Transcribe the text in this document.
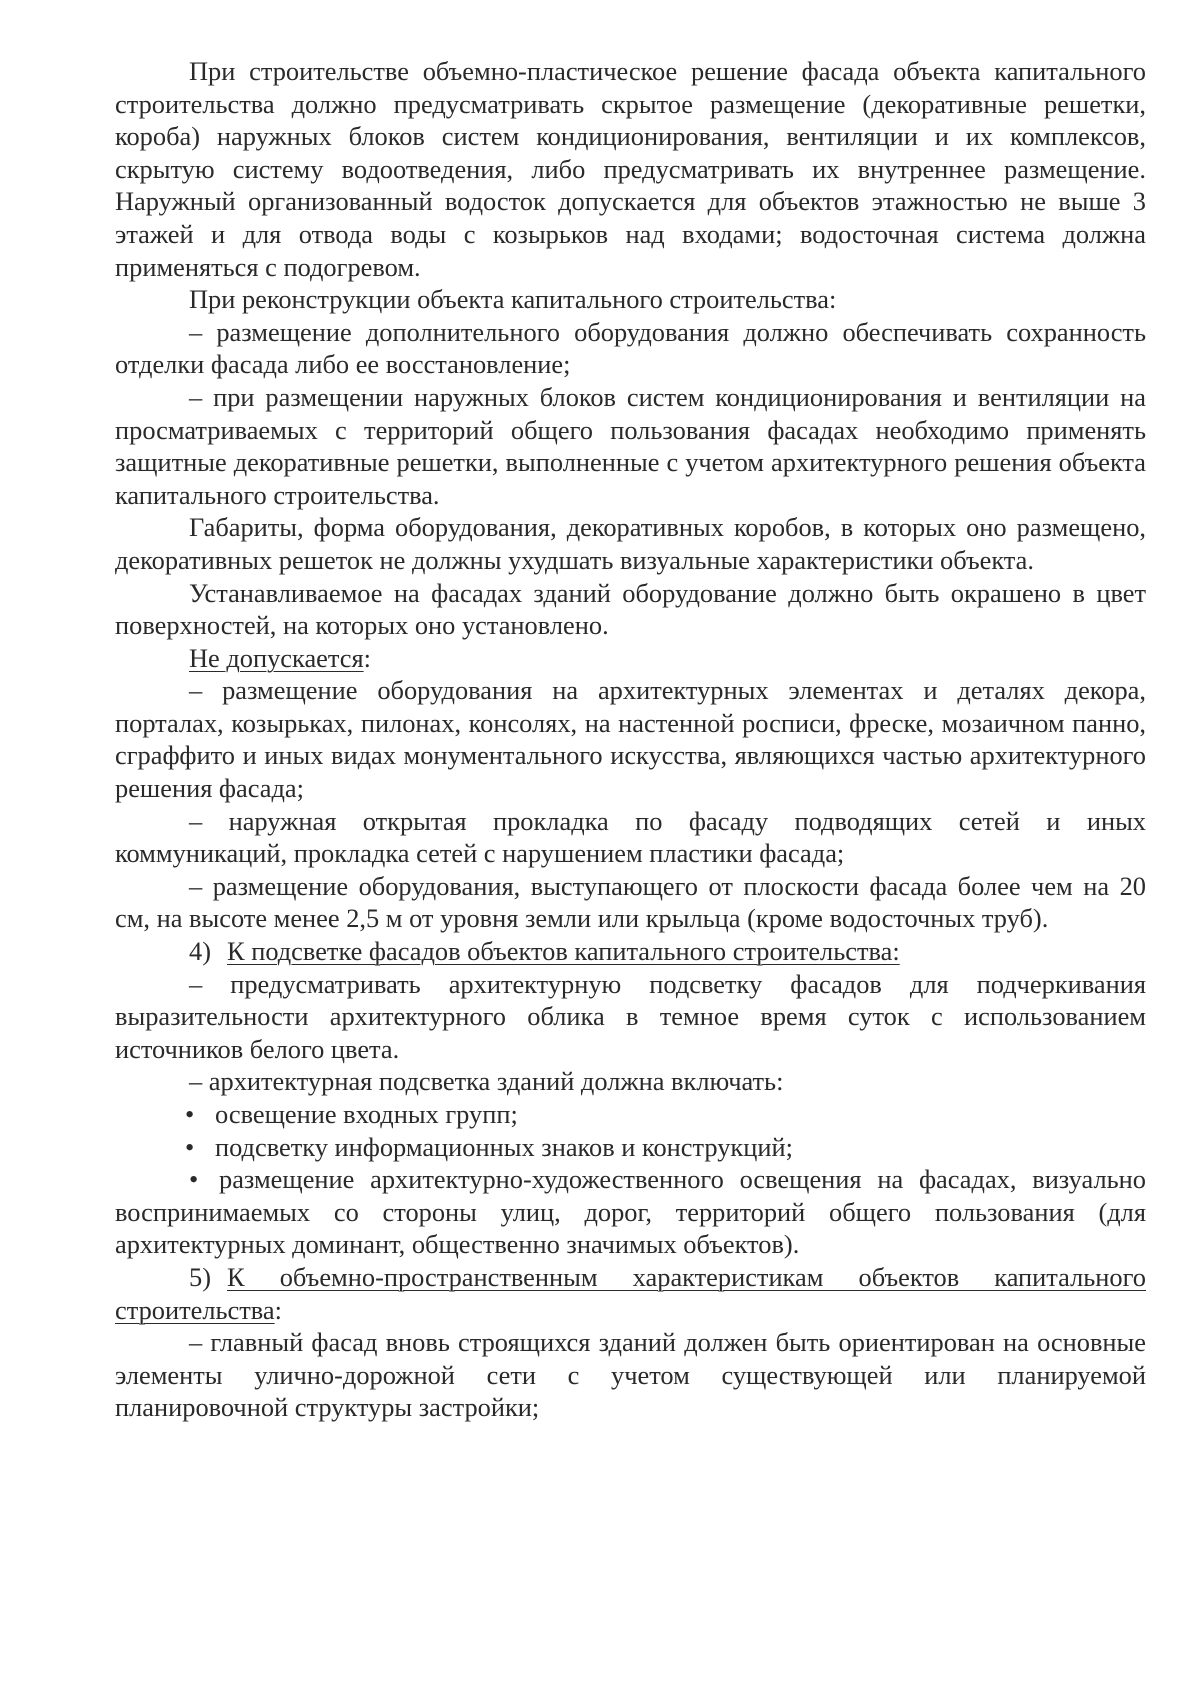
При строительстве объемно-пластическое решение фасада объекта капитального строительства должно предусматривать скрытое размещение (декоративные решетки, короба) наружных блоков систем кондиционирования, вентиляции и их комплексов, скрытую систему водоотведения, либо предусматривать их внутреннее размещение. Наружный организованный водосток допускается для объектов этажностью не выше 3 этажей и для отвода воды с козырьков над входами; водосточная система должна применяться с подогревом.

При реконструкции объекта капитального строительства:

– размещение дополнительного оборудования должно обеспечивать сохранность отделки фасада либо ее восстановление;

– при размещении наружных блоков систем кондиционирования и вентиляции на просматриваемых с территорий общего пользования фасадах необходимо применять защитные декоративные решетки, выполненные с учетом архитектурного решения объекта капитального строительства.

Габариты, форма оборудования, декоративных коробов, в которых оно размещено, декоративных решеток не должны ухудшать визуальные характеристики объекта.

Устанавливаемое на фасадах зданий оборудование должно быть окрашено в цвет поверхностей, на которых оно установлено.

Не допускается:

– размещение оборудования на архитектурных элементах и деталях декора, порталах, козырьках, пилонах, консолях, на настенной росписи, фреске, мозаичном панно, сграффито и иных видах монументального искусства, являющихся частью архитектурного решения фасада;

– наружная открытая прокладка по фасаду подводящих сетей и иных коммуникаций, прокладка сетей с нарушением пластики фасада;

– размещение оборудования, выступающего от плоскости фасада более чем на 20 см, на высоте менее 2,5 м от уровня земли или крыльца (кроме водосточных труб).

4) К подсветке фасадов объектов капитального строительства:

– предусматривать архитектурную подсветку фасадов для подчеркивания выразительности архитектурного облика в темное время суток с использованием источников белого цвета.

– архитектурная подсветка зданий должна включать:

• освещение входных групп;

• подсветку информационных знаков и конструкций;

• размещение архитектурно-художественного освещения на фасадах, визуально воспринимаемых со стороны улиц, дорог, территорий общего пользования (для архитектурных доминант, общественно значимых объектов).

5) К объемно-пространственным характеристикам объектов капитального строительства:

– главный фасад вновь строящихся зданий должен быть ориентирован на основные элементы улично-дорожной сети с учетом существующей или планируемой планировочной структуры застройки;
